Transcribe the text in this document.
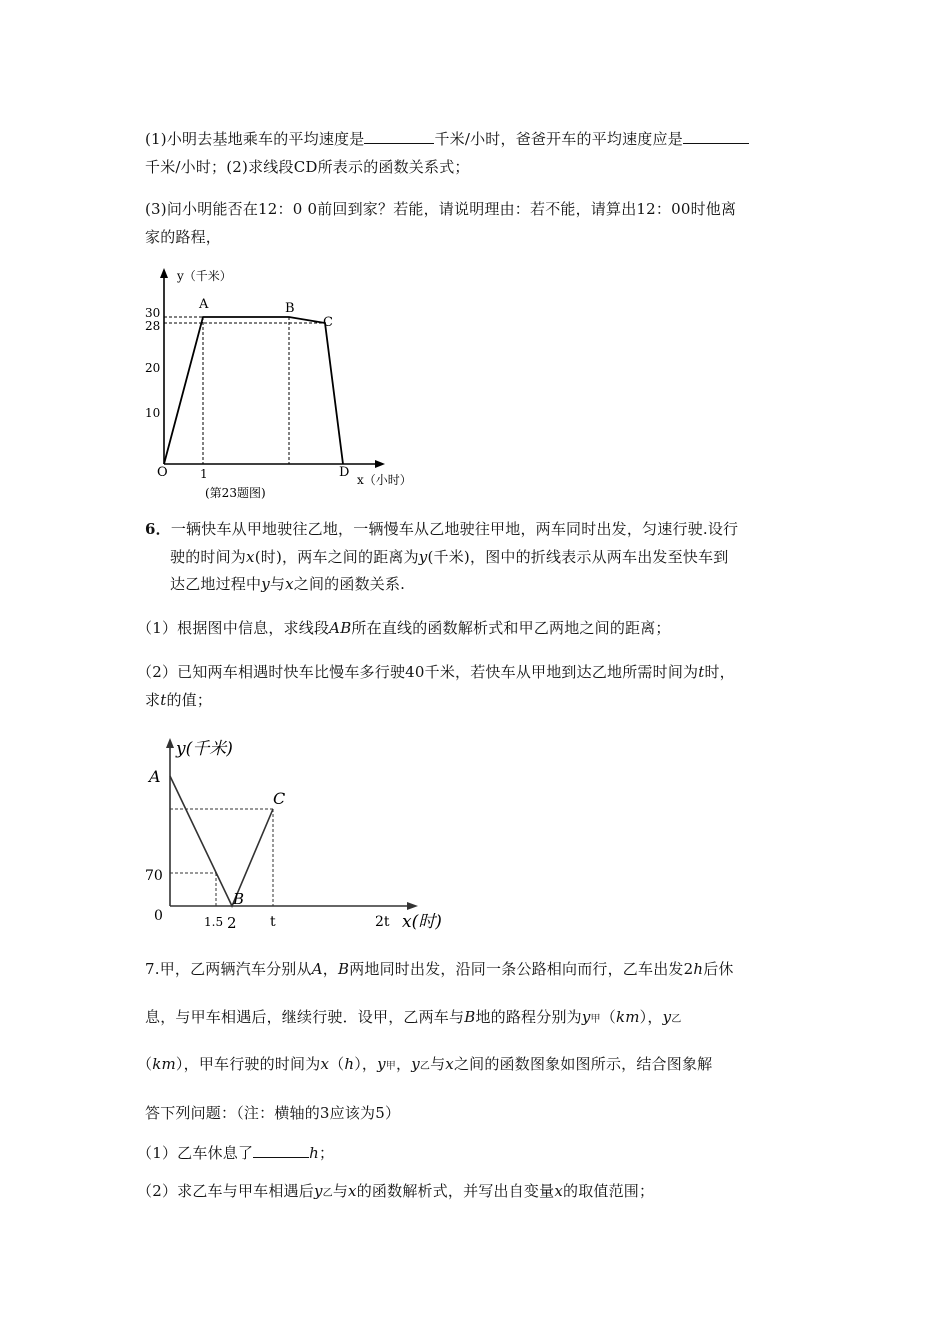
(1)小明去基地乘车的平均速度是	千米/小时，爸爸开车的平均速度应是
千米/小时；(2)求线段CD所表示的函数关系式；
(3)问小明能否在12：0 0前回到家？若能，请说明理由：若不能，请算出12：00时他离
家的路程，
y（千米）
A	B
C
D
O
30
28
20
10
1	x（小时）
(第23题图)
6．一辆快车从甲地驶往乙地，一辆慢车从乙地驶往甲地，两车同时出发，匀速行驶.设行
驶的时间为x(时)，两车之间的距离为y(千米)，图中的折线表示从两车出发至快车到
达乙地过程中y与x之间的函数关系.
（1）根据图中信息，求线段AB所在直线的函数解析式和甲乙两地之间的距离；
（2）已知两车相遇时快车比慢车多行驶40千米，若快车从甲地到达乙地所需时间为t时，
求t的值；
y(千米)
A
C
B
70
0	1.5 2 t	2t x(时)
7.甲，乙两辆汽车分别从A，B两地同时出发，沿同一条公路相向而行，乙车出发2h后休
息，与甲车相遇后，继续行驶．设甲，乙两车与B地的路程分别为y甲（km），y乙
（km），甲车行驶的时间为x（h），y甲，y乙与x之间的函数图象如图所示，结合图象解
答下列问题：（注：横轴的3应该为5）
（1）乙车休息了	h；
（2）求乙车与甲车相遇后y乙与x的函数解析式，并写出自变量x的取值范围；
